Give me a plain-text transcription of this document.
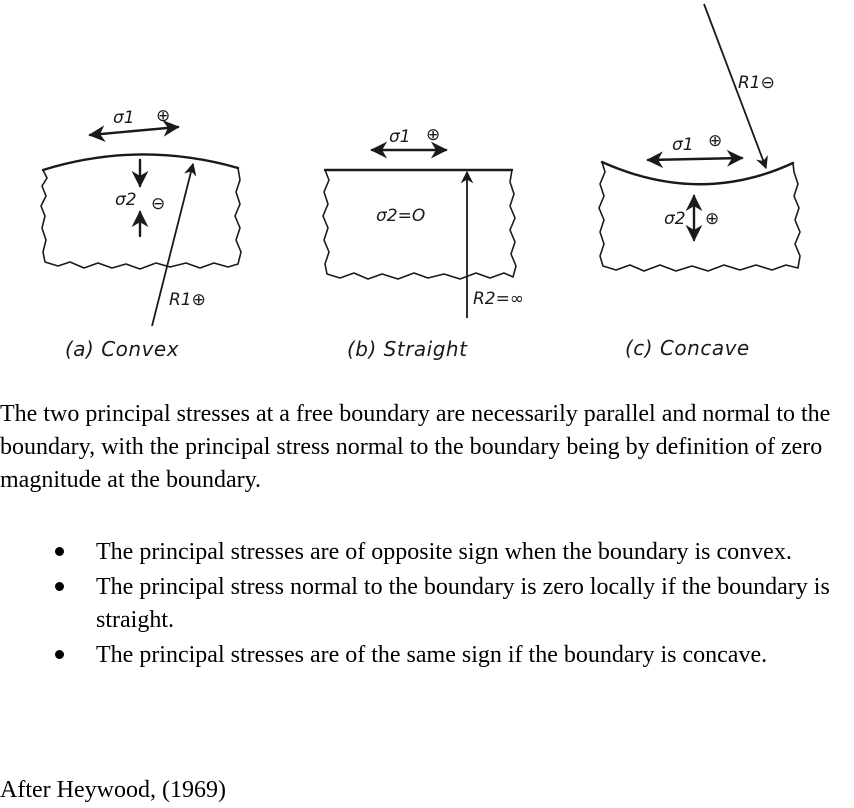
σ1 ⊕
σ2 ⊖
R1⊕
(a) Convex
σ1 ⊕
σ2=O
R2=∞
(b) Straight
σ1 ⊕
σ2 ⊕
R1⊖
(c) Concave
The two principal stresses at a free boundary are necessarily parallel and normal to the boundary, with the principal stress normal to the boundary being by definition of zero magnitude at the boundary.
The principal stresses are of opposite sign when the boundary is convex.
The principal stress normal to the boundary is zero locally if the boundary is straight.
The principal stresses are of the same sign if the boundary is concave.
After Heywood, (1969)
